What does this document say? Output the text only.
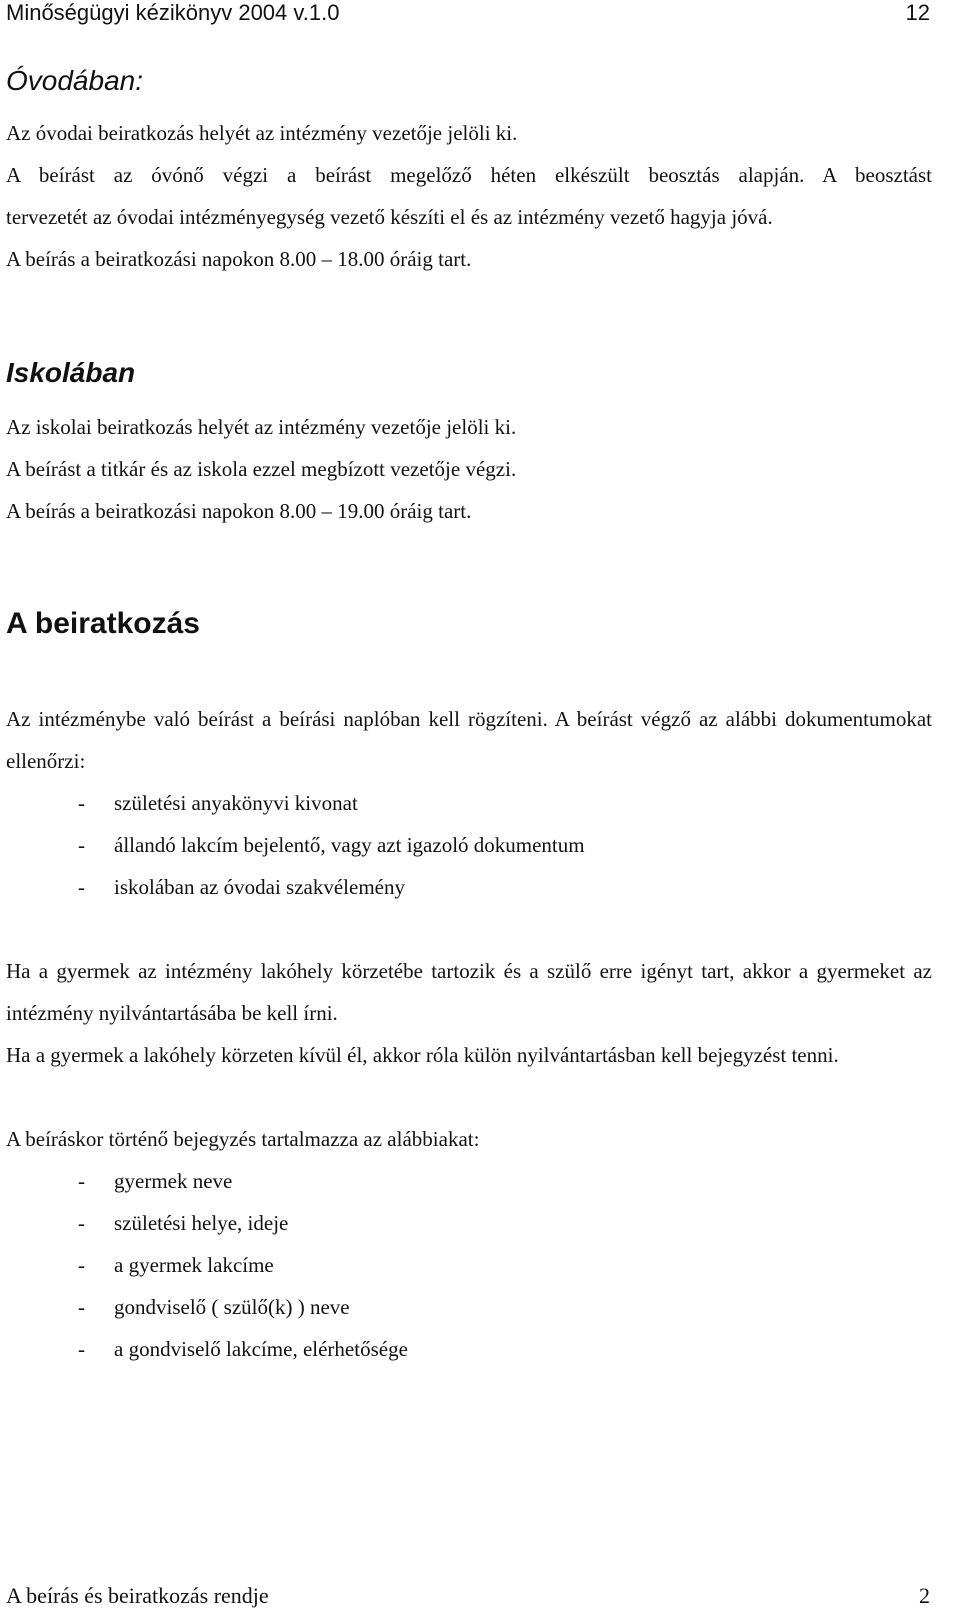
Minőségügyi kézikönyv 2004 v.1.0	12
Óvodában:

Az óvodai beiratkozás helyét az intézmény vezetője jelöli ki.

A beírást az óvónő végzi a beírást megelőző héten elkészült beosztás alapján. A beosztást

tervezetét az óvodai intézményegység vezető készíti el és az intézmény vezető hagyja jóvá.

A beírás a beiratkozási napokon 8.00 – 18.00 óráig tart.

Iskolában

Az iskolai beiratkozás helyét az intézmény vezetője jelöli ki.

A beírást a titkár és az iskola ezzel megbízott vezetője végzi.

A beírás a beiratkozási napokon 8.00 – 19.00 óráig tart.

A beiratkozás

Az intézménybe való beírást a beírási naplóban kell rögzíteni. A beírást végző az alábbi dokumentumokat ellenőrzi:

- születési anyakönyvi kivonat
- állandó lakcím bejelentő, vagy azt igazoló dokumentum
- iskolában az óvodai szakvélemény

Ha a gyermek az intézmény lakóhely körzetébe tartozik és a szülő erre igényt tart, akkor a gyermeket az intézmény nyilvántartásába be kell írni.

Ha a gyermek a lakóhely körzeten kívül él, akkor róla külön nyilvántartásban kell bejegyzést tenni.

A beíráskor történő bejegyzés tartalmazza az alábbiakat:

- gyermek neve
- születési helye, ideje
- a gyermek lakcíme
- gondviselő ( szülő(k) ) neve
- a gondviselő lakcíme, elérhetősége
A beírás és beiratkozás rendje	2
